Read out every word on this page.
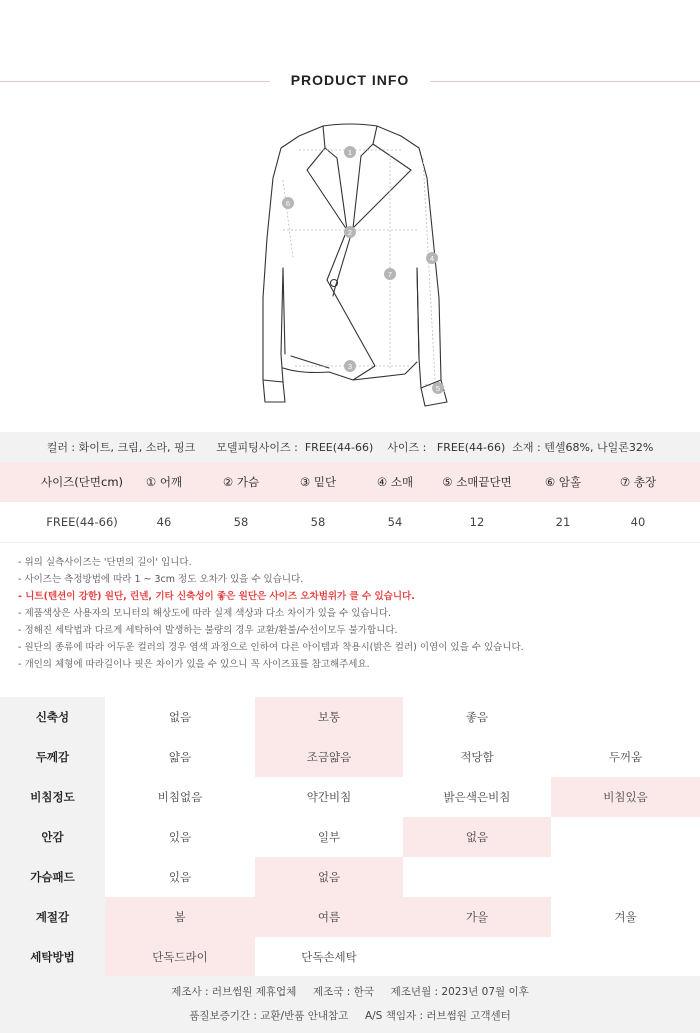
PRODUCT INFO
1
2
3
4
5
6
7
컬러 :
화이트, 크림, 소라, 핑크
모델피팅사이즈 :
FREE(44-66)
사이즈 :
FREE(44-66)
소재 :
텐셀68%, 나일론32%
사이즈(단면cm)	① 어깨	② 가슴	③ 밑단	④ 소매	⑤ 소매끝단면	⑥ 암홀	⑦ 총장
FREE(44-66)	46	58	58	54	12	21	40
- 위의 실측사이즈는 '단면의 길이' 입니다.
- 사이즈는 측정방법에 따라 1 ~ 3cm 정도 오차가 있을 수 있습니다.
- 니트(텐션이 강한) 원단, 린넨, 기타 신축성이 좋은 원단은 사이즈 오차범위가 클 수 있습니다.
- 제품색상은 사용자의 모니터의 해상도에 따라 실제 색상과 다소 차이가 있을 수 있습니다.
- 정해진 세탁법과 다르게 세탁하여 발생하는 불량의 경우 교환/환불/수선이모두 불가합니다.
- 원단의 종류에 따라 어두운 컬러의 경우 염색 과정으로 인하여 다른 아이템과 착용시(밝은 컬러) 이염이 있을 수 있습니다.
- 개인의 체형에 따라길이나 핏은 차이가 있을 수 있으니 꼭 사이즈표를 참고해주세요.
신축성	없음	보통	좋음
두께감	얇음	조금얇음	적당함	두꺼움
비침정도	비침없음	약간비침	밝은색은비침	비침있음
안감	있음	일부	없음
가슴패드	있음	없음
계절감	봄	여름	가을	겨울
세탁방법	단독드라이	단독손세탁
제조사 : 러브썸원 제휴업체     제조국 : 한국     제조년월 : 2023년 07월 이후
품질보증기간 : 교환/반품 안내참고     A/S 책임자 : 러브썸원 고객센터
